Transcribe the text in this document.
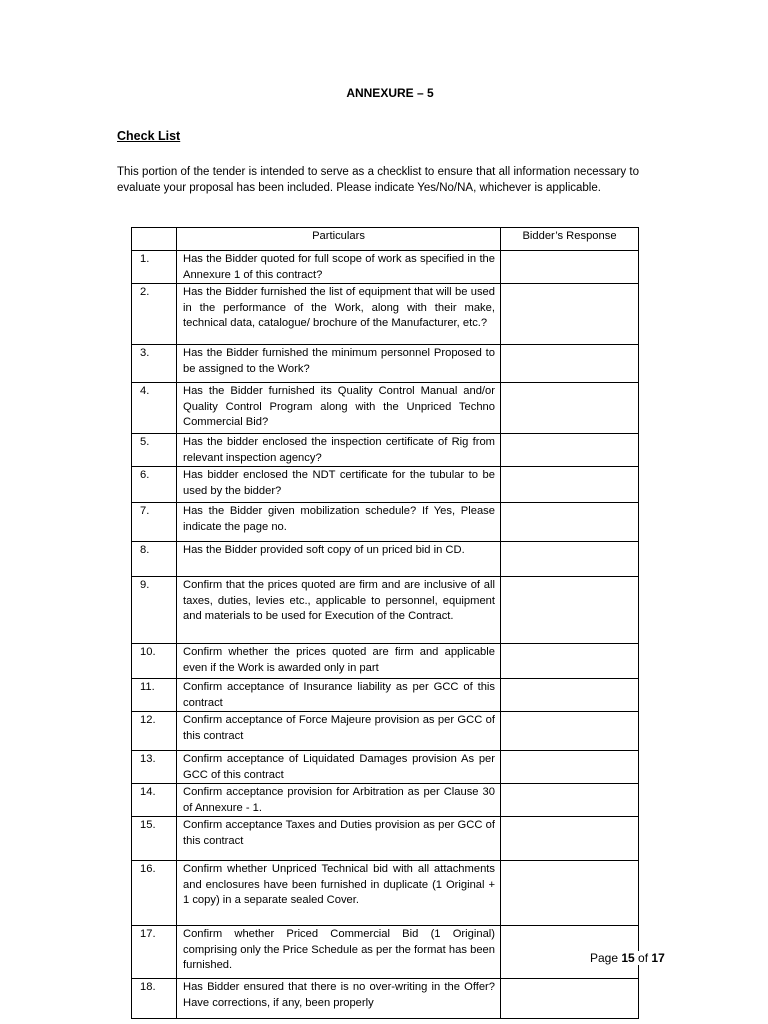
ANNEXURE – 5
Check List

This portion of the tender is intended to serve as a checklist to ensure that all information necessary to evaluate your proposal has been included. Please indicate Yes/No/NA, whichever is applicable.

	Particulars	Bidder’s Response
1.	Has the Bidder quoted for full scope of work as specified in the Annexure 1 of this contract?	
2.	Has the Bidder furnished the list of equipment that will be used in the performance of the Work, along with their make, technical data, catalogue/ brochure of the Manufacturer, etc.?	
3.	Has the Bidder furnished the minimum personnel Proposed to be assigned to the Work?	
4.	Has the Bidder furnished its Quality Control Manual and/or Quality Control Program along with the Unpriced Techno Commercial Bid?	
5.	Has the bidder enclosed the inspection certificate of Rig from relevant inspection agency?	
6.	Has bidder enclosed the NDT certificate for the tubular to be used by the bidder?	
7.	Has the Bidder given mobilization schedule? If Yes, Please indicate the page no.	
8.	Has the Bidder provided soft copy of un priced bid in CD.	
9.	Confirm that the prices quoted are firm and are inclusive of all taxes, duties, levies etc., applicable to personnel, equipment and materials to be used for Execution of the Contract.	
10.	Confirm whether the prices quoted are firm and applicable even if the Work is awarded only in part	
11.	Confirm acceptance of Insurance liability as per GCC of this contract	
12.	Confirm acceptance of Force Majeure provision as per GCC of this contract	
13.	Confirm acceptance of Liquidated Damages provision As per GCC of this contract	
14.	Confirm acceptance provision for Arbitration as per Clause 30 of Annexure - 1.	
15.	Confirm acceptance Taxes and Duties provision as per GCC of this contract	
16.	Confirm whether Unpriced Technical bid with all attachments and enclosures have been furnished in duplicate (1 Original + 1 copy) in a separate sealed Cover.	
17.	Confirm whether Priced Commercial Bid (1 Original) comprising only the Price Schedule as per the format has been furnished.	
18.	Has Bidder ensured that there is no over-writing in the Offer? Have corrections, if any, been properly	

Page 15 of 17
